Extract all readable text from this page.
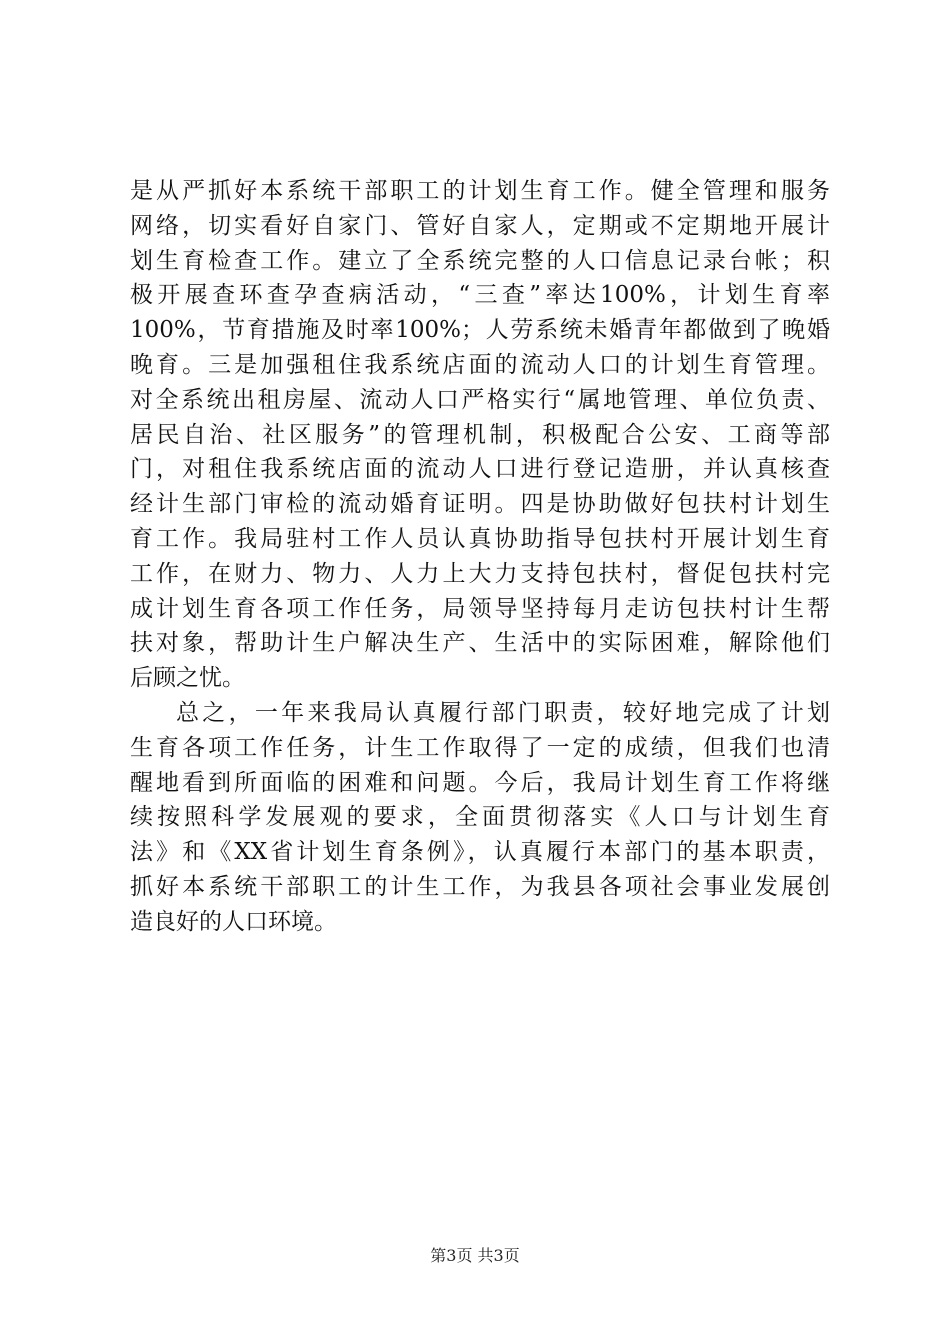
是从严抓好本系统干部职工的计划生育工作。健全管理和服务
网络，切实看好自家门、管好自家人，定期或不定期地开展计
划生育检查工作。建立了全系统完整的人口信息记录台帐；积
极开展查环查孕查病活动，“三查”率达100%，计划生育率
100%，节育措施及时率100%；人劳系统未婚青年都做到了晚婚
晚育。三是加强租住我系统店面的流动人口的计划生育管理。
对全系统出租房屋、流动人口严格实行“属地管理、单位负责、
居民自治、社区服务”的管理机制，积极配合公安、工商等部
门，对租住我系统店面的流动人口进行登记造册，并认真核查
经计生部门审检的流动婚育证明。四是协助做好包扶村计划生
育工作。我局驻村工作人员认真协助指导包扶村开展计划生育
工作，在财力、物力、人力上大力支持包扶村，督促包扶村完
成计划生育各项工作任务，局领导坚持每月走访包扶村计生帮
扶对象，帮助计生户解决生产、生活中的实际困难，解除他们
后顾之忧。
总之，一年来我局认真履行部门职责，较好地完成了计划
生育各项工作任务，计生工作取得了一定的成绩，但我们也清
醒地看到所面临的困难和问题。今后，我局计划生育工作将继
续按照科学发展观的要求，全面贯彻落实《人口与计划生育
法》和《XX省计划生育条例》，认真履行本部门的基本职责，
抓好本系统干部职工的计生工作，为我县各项社会事业发展创
造良好的人口环境。
第3页 共3页
